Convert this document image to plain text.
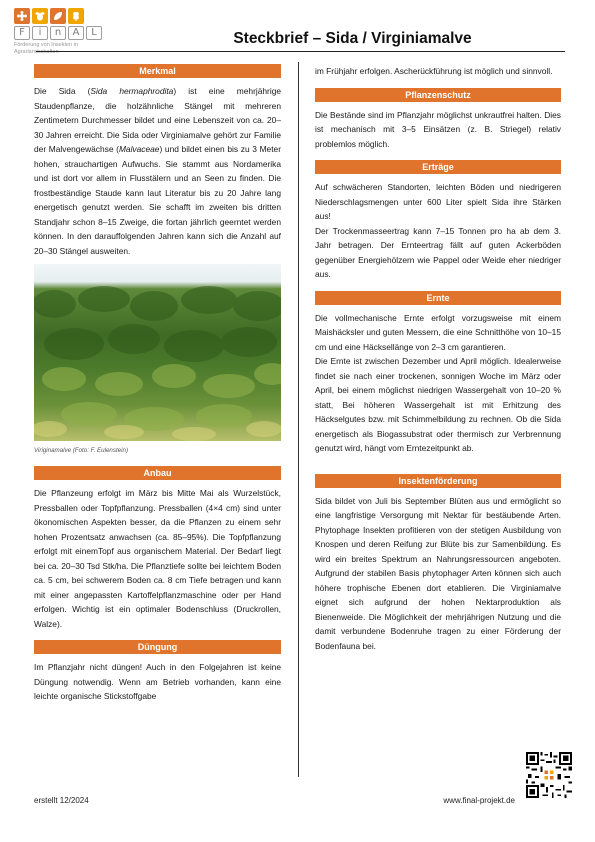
F	i	n	A	L
Förderung von Insekten in Agrarlandschaften
Steckbrief – Sida / Virginiamalve
Merkmal

Die Sida (Sida hermaphrodita) ist eine mehrjährige Staudenpflanze, die holzähnliche Stängel mit mehreren Zentimetern Durchmesser bildet und eine Lebenszeit von ca. 20–30 Jahren erreicht. Die Sida oder Virginiamalve gehört zur Familie der Malvengewächse (Malvaceae) und bildet einen bis zu 3 Meter hohen, strauchartigen Aufwuchs. Sie stammt aus Nordamerika und ist dort vor allem in Flusstälern und an Seen zu finden. Die frostbeständige Staude kann laut Literatur bis zu 20 Jahre lang energetisch genutzt werden. Sie schafft im zweiten bis dritten Standjahr schon 8–15 Zweige, die fortan jährlich geerntet werden können. In den darauffolgenden Jahren kann sich die Anzahl auf 20–30 Stängel ausweiten.

Viriginamalve (Foto: F. Eulenstein)
Anbau

Die Pflanzeung erfolgt im März bis Mitte Mai als Wurzelstück, Pressballen oder Topfpflanzung. Pressballen (4×4 cm) sind unter ökonomischen Aspekten besser, da die Pflanzen zu einem sehr hohen Prozentsatz anwachsen (ca. 85–95%). Die Topfpflanzung erfolgt mit einemTopf aus organischem Material. Der Bedarf liegt bei ca. 20–30 Tsd Stk/ha. Die Pflanztiefe sollte bei leichtem Boden ca. 5 cm, bei schwerem Boden ca. 8 cm Tiefe betragen und kann mit einer angepassten Kartoffelpflanzmaschine oder per Hand erfolgen. Wichtig ist ein optimaler Bodenschluss (Druckrollen, Walze).

Düngung

Im Pflanzjahr nicht düngen! Auch in den Folgejahren ist keine Düngung notwendig. Wenn am Betrieb vorhanden, kann eine leichte organische Stickstoffgabe

im Frühjahr erfolgen. Ascherückführung ist möglich und sinnvoll.

Pflanzenschutz

Die Bestände sind im Pflanzjahr möglichst unkrautfrei halten. Dies ist mechanisch mit 3–5 Einsätzen (z. B. Striegel) relativ problemlos möglich.

Erträge

Auf schwächeren Standorten, leichten Böden und niedrigeren Niederschlagsmengen unter 600 Liter spielt Sida ihre Stärken aus!

Der Trockenmasseertrag kann 7–15 Tonnen pro ha ab dem 3. Jahr betragen. Der Ernteertrag fällt auf guten Ackerböden gegenüber Energiehölzern wie Pappel oder Weide eher niedriger aus.

Ernte

Die vollmechanische Ernte erfolgt vorzugsweise mit einem Maishäcksler und guten Messern, die eine Schnitthöhe von 10–15 cm und eine Häcksellänge von 2–3 cm garantieren.

Die Ernte ist zwischen Dezember und April möglich. Idealerweise findet sie nach einer trockenen, sonnigen Woche im März oder April, bei einem möglichst niedrigen Wassergehalt von 10–20 % statt, Bei höheren Wassergehalt ist mit Erhitzung des Häckselgutes bzw. mit Schimmelbildung zu rechnen. Ob die Sida energetisch als Biogassubstrat oder thermisch zur Verbrennung genutzt wird, hängt vom Erntezeitpunkt ab.

Insektenförderung

Sida bildet von Juli bis September Blüten aus und ermöglicht so eine langfristige Versorgung mit Nektar für bestäubende Arten. Phytophage Insekten profitieren von der stetigen Ausbildung von Knospen und deren Reifung zur Blüte bis zur Samenbildung. Es wird ein breites Spektrum an Nahrungsressourcen angeboten. Aufgrund der stabilen Basis phytophager Arten können sich auch höhere trophische Ebenen dort etablieren. Die Virginiamalve eignet sich aufgrund der hohen Nektarproduktion als Bienenweide. Die Möglichkeit der mehrjährigen Nutzung und die damit verbundene Bodenruhe tragen zu einer Förderung der Bodenfauna bei.

erstellt 12/2024	www.final-projekt.de
